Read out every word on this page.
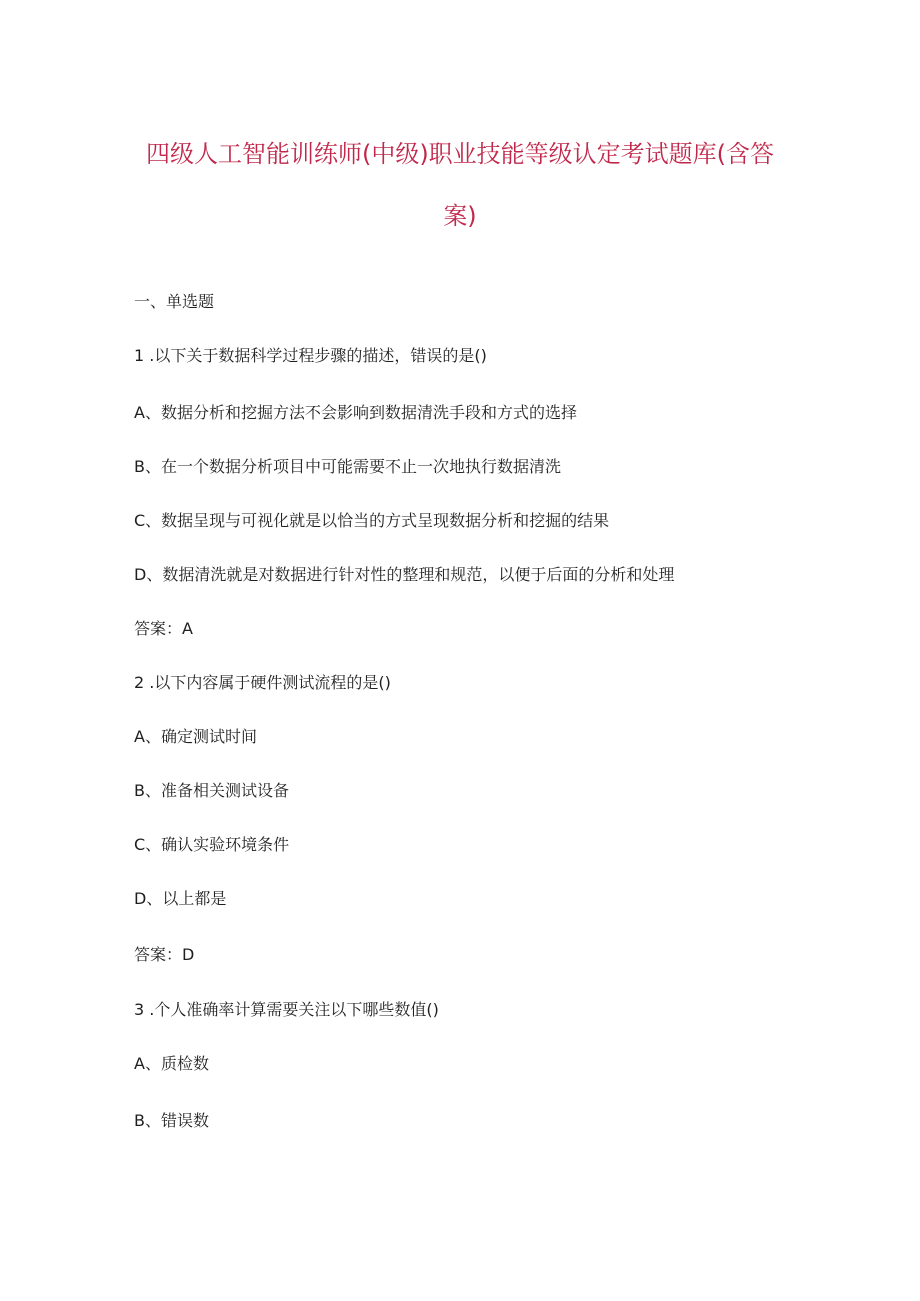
四级人工智能训练师(中级)职业技能等级认定考试题库(含答
案)
一、单选题
1 .以下关于数据科学过程步骤的描述，错误的是()
A、数据分析和挖掘方法不会影响到数据清洗手段和方式的选择
B、在一个数据分析项目中可能需要不止一次地执行数据清洗
C、数据呈现与可视化就是以恰当的方式呈现数据分析和挖掘的结果
D、数据清洗就是对数据进行针对性的整理和规范，以便于后面的分析和处理
答案：A
2 .以下内容属于硬件测试流程的是()
A、确定测试时间
B、准备相关测试设备
C、确认实验环境条件
D、以上都是
答案：D
3 .个人准确率计算需要关注以下哪些数值()
A、质检数
B、错误数
